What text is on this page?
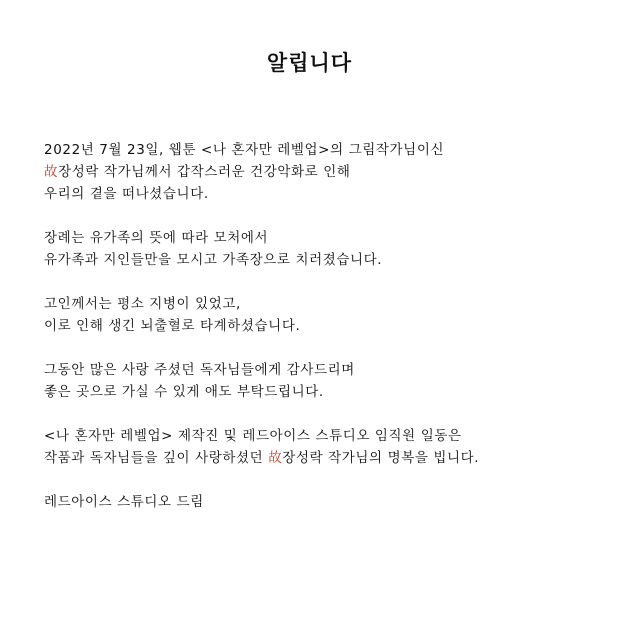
알립니다
2022년 7월 23일, 웹툰 <나 혼자만 레벨업>의 그림작가님이신
故장성락 작가님께서 갑작스러운 건강악화로 인해
우리의 곁을 떠나셨습니다.
장례는 유가족의 뜻에 따라 모처에서
유가족과 지인들만을 모시고 가족장으로 치러졌습니다.
고인께서는 평소 지병이 있었고,
이로 인해 생긴 뇌출혈로 타계하셨습니다.
그동안 많은 사랑 주셨던 독자님들에게 감사드리며
좋은 곳으로 가실 수 있게 애도 부탁드립니다.
<나 혼자만 레벨업> 제작진 및 레드아이스 스튜디오 임직원 일동은
작품과 독자님들을 깊이 사랑하셨던 故장성락 작가님의 명복을 빕니다.
레드아이스 스튜디오 드림
